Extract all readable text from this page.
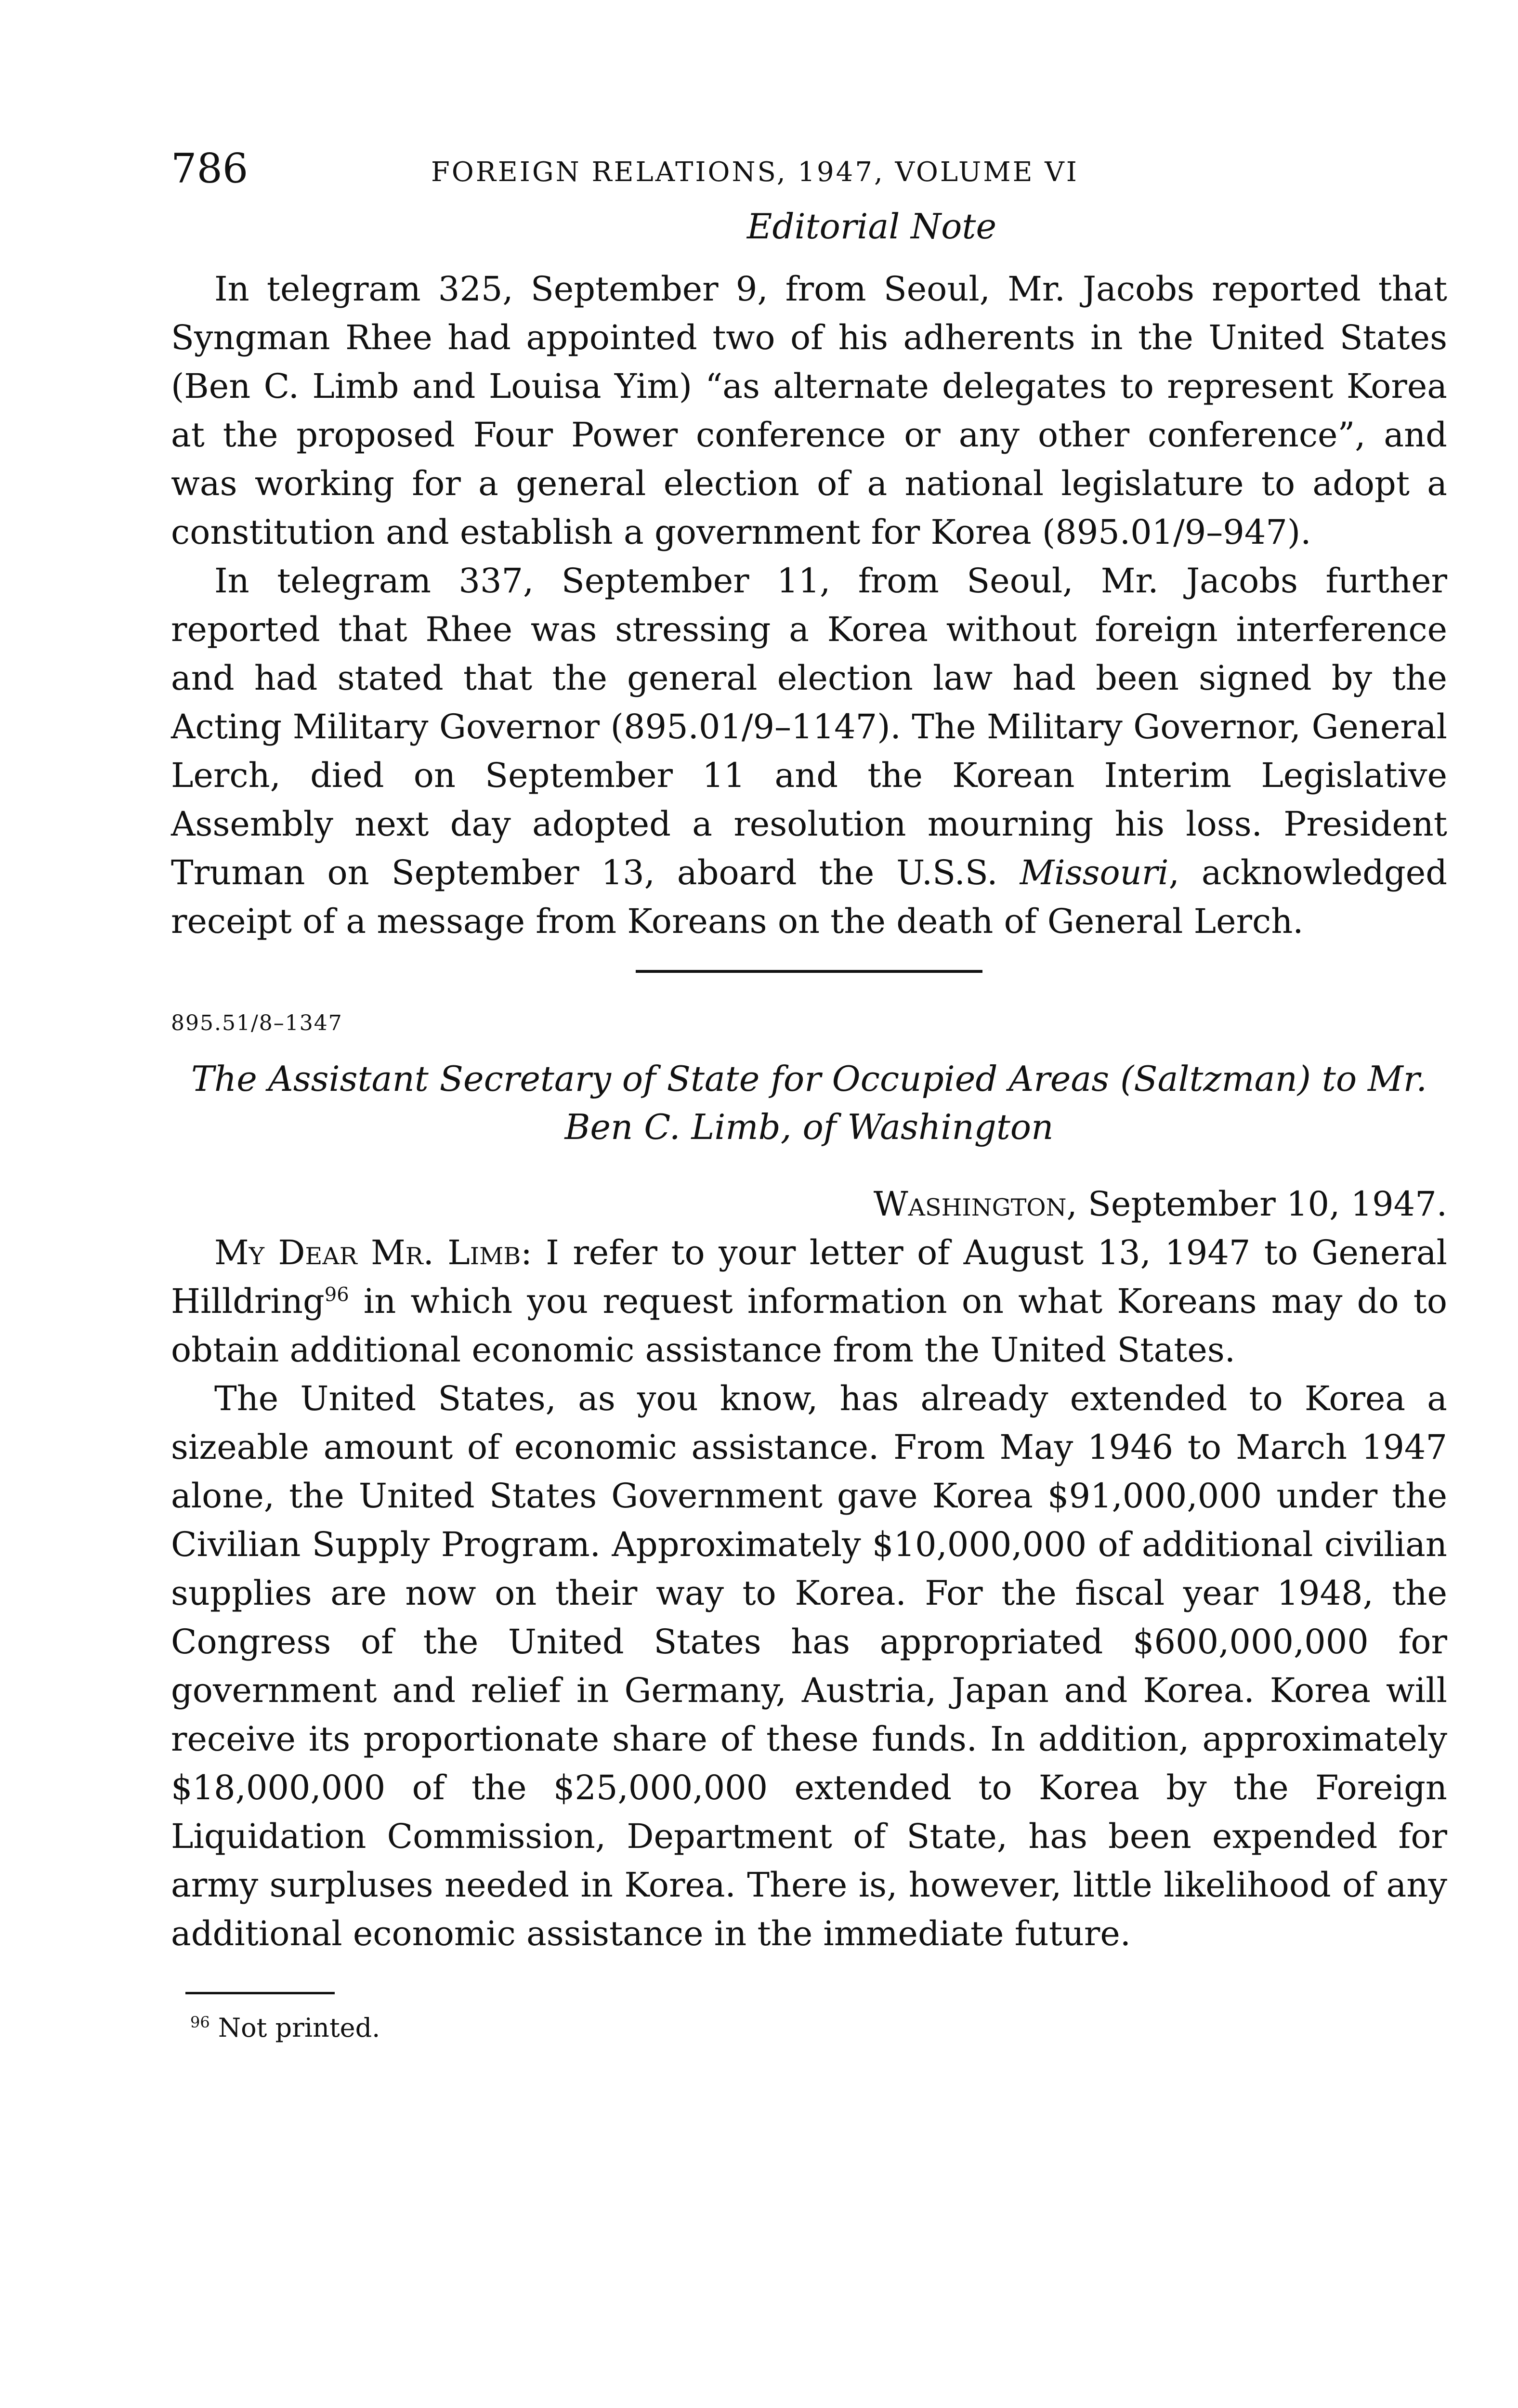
786	FOREIGN RELATIONS, 1947, VOLUME VI
Editorial Note

In telegram 325, September 9, from Seoul, Mr. Jacobs reported that Syngman Rhee had appointed two of his adherents in the United States (Ben C. Limb and Louisa Yim) “as alternate delegates to represent Korea at the proposed Four Power conference or any other conference”, and was working for a general election of a national legislature to adopt a constitution and establish a government for Korea (895.01/9–947).

In telegram 337, September 11, from Seoul, Mr. Jacobs further reported that Rhee was stressing a Korea without foreign interference and had stated that the general election law had been signed by the Acting Military Governor (895.01/9–1147). The Military Governor, General Lerch, died on September 11 and the Korean Interim Legislative Assembly next day adopted a resolution mourning his loss. President Truman on September 13, aboard the U.S.S. Missouri, acknowledged receipt of a message from Koreans on the death of General Lerch.

895.51/8–1347
The Assistant Secretary of State for Occupied Areas (Saltzman) to Mr. Ben C. Limb, of Washington

Washington, September 10, 1947.

My Dear Mr. Limb: I refer to your letter of August 13, 1947 to General Hilldring$^{96}$ in which you request information on what Koreans may do to obtain additional economic assistance from the United States.

The United States, as you know, has already extended to Korea a sizeable amount of economic assistance. From May 1946 to March 1947 alone, the United States Government gave Korea $91,000,000 under the Civilian Supply Program. Approximately $10,000,000 of additional civilian supplies are now on their way to Korea. For the fiscal year 1948, the Congress of the United States has appropriated $600,000,000 for government and relief in Germany, Austria, Japan and Korea. Korea will receive its proportionate share of these funds. In addition, approximately $18,000,000 of the $25,000,000 extended to Korea by the Foreign Liquidation Commission, Department of State, has been expended for army surpluses needed in Korea. There is, however, little likelihood of any additional economic assistance in the immediate future.

$^{96}$ Not printed.
